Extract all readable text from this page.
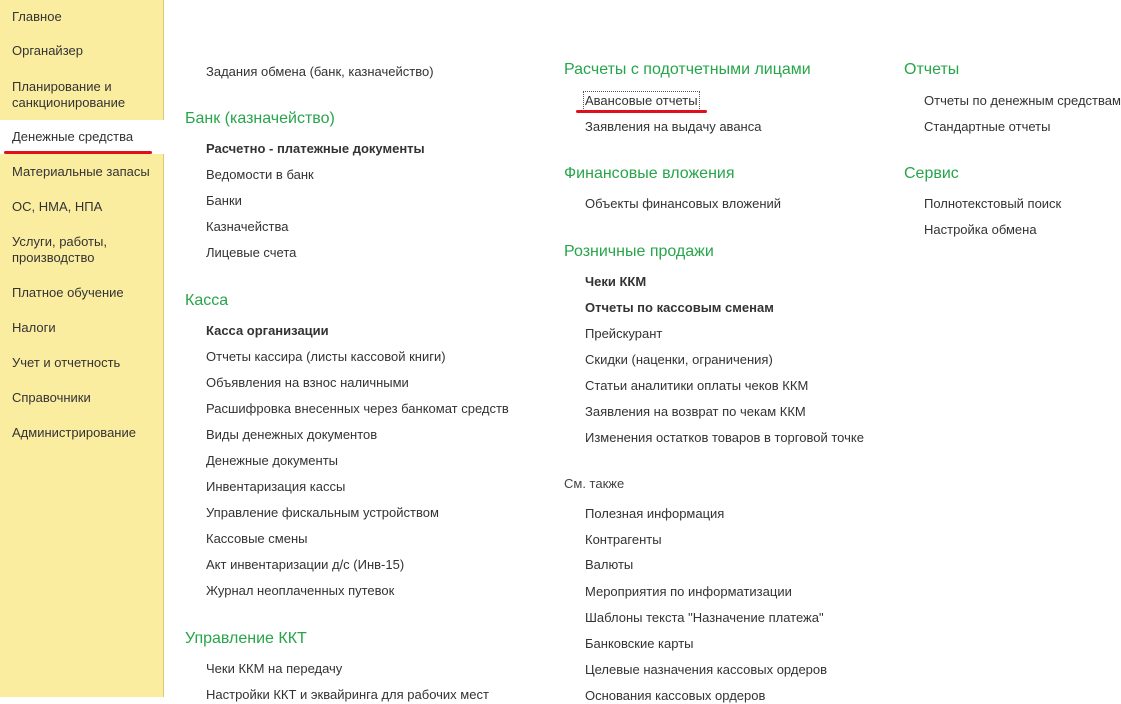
Главное
Органайзер
Планирование и санкционирование
Денежные средства
Материальные запасы
ОС, НМА, НПА
Услуги, работы, производство
Платное обучение
Налоги
Учет и отчетность
Справочники
Администрирование
Задания обмена (банк, казначейство)
Банк (казначейство)
Расчетно - платежные документы
Ведомости в банк
Банки
Казначейства
Лицевые счета
Касса
Касса организации
Отчеты кассира (листы кассовой книги)
Объявления на взнос наличными
Расшифровка внесенных через банкомат средств
Виды денежных документов
Денежные документы
Инвентаризация кассы
Управление фискальным устройством
Кассовые смены
Акт инвентаризации д/с (Инв-15)
Журнал неоплаченных путевок
Управление ККТ
Чеки ККМ на передачу
Настройки ККТ и эквайринга для рабочих мест
Расчеты с подотчетными лицами
Авансовые отчеты
Заявления на выдачу аванса
Финансовые вложения
Объекты финансовых вложений
Розничные продажи
Чеки ККМ
Отчеты по кассовым сменам
Прейскурант
Скидки (наценки, ограничения)
Статьи аналитики оплаты чеков ККМ
Заявления на возврат по чекам ККМ
Изменения остатков товаров в торговой точке
См. также
Полезная информация
Контрагенты
Валюты
Мероприятия по информатизации
Шаблоны текста "Назначение платежа"
Банковские карты
Целевые назначения кассовых ордеров
Основания кассовых ордеров
Отчеты
Отчеты по денежным средствам
Стандартные отчеты
Сервис
Полнотекстовый поиск
Настройка обмена
